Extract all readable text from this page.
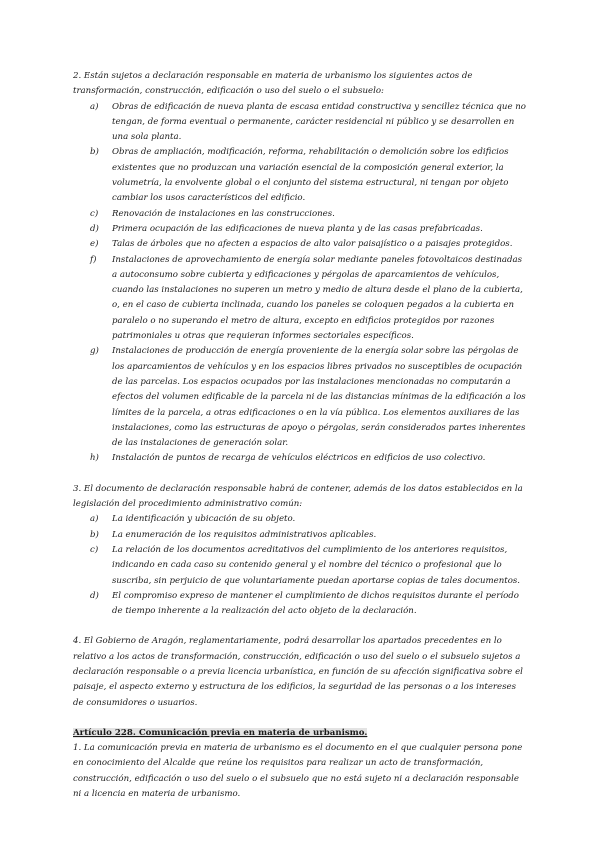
2. Están sujetos a declaración responsable en materia de urbanismo los siguientes actos de transformación, construcción, edificación o uso del suelo o el subsuelo:

a) Obras de edificación de nueva planta de escasa entidad constructiva y sencillez técnica que no tengan, de forma eventual o permanente, carácter residencial ni público y se desarrollen en una sola planta.
b) Obras de ampliación, modificación, reforma, rehabilitación o demolición sobre los edificios existentes que no produzcan una variación esencial de la composición general exterior, la volumetría, la envolvente global o el conjunto del sistema estructural, ni tengan por objeto cambiar los usos característicos del edificio.
c) Renovación de instalaciones en las construcciones.
d) Primera ocupación de las edificaciones de nueva planta y de las casas prefabricadas.
e) Talas de árboles que no afecten a espacios de alto valor paisajístico o a paisajes protegidos.
f) Instalaciones de aprovechamiento de energía solar mediante paneles fotovoltaicos destinadas a autoconsumo sobre cubierta y edificaciones y pérgolas de aparcamientos de vehículos, cuando las instalaciones no superen un metro y medio de altura desde el plano de la cubierta, o, en el caso de cubierta inclinada, cuando los paneles se coloquen pegados a la cubierta en paralelo o no superando el metro de altura, excepto en edificios protegidos por razones patrimoniales u otras que requieran informes sectoriales específicos.
g) Instalaciones de producción de energía proveniente de la energía solar sobre las pérgolas de los aparcamientos de vehículos y en los espacios libres privados no susceptibles de ocupación de las parcelas. Los espacios ocupados por las instalaciones mencionadas no computarán a efectos del volumen edificable de la parcela ni de las distancias mínimas de la edificación a los límites de la parcela, a otras edificaciones o en la vía pública. Los elementos auxiliares de las instalaciones, como las estructuras de apoyo o pérgolas, serán considerados partes inherentes de las instalaciones de generación solar.
h) Instalación de puntos de recarga de vehículos eléctricos en edificios de uso colectivo.

3. El documento de declaración responsable habrá de contener, además de los datos establecidos en la legislación del procedimiento administrativo común:

a) La identificación y ubicación de su objeto.
b) La enumeración de los requisitos administrativos aplicables.
c) La relación de los documentos acreditativos del cumplimiento de los anteriores requisitos, indicando en cada caso su contenido general y el nombre del técnico o profesional que lo suscriba, sin perjuicio de que voluntariamente puedan aportarse copias de tales documentos.
d) El compromiso expreso de mantener el cumplimiento de dichos requisitos durante el período de tiempo inherente a la realización del acto objeto de la declaración.

4. El Gobierno de Aragón, reglamentariamente, podrá desarrollar los apartados precedentes en lo relativo a los actos de transformación, construcción, edificación o uso del suelo o el subsuelo sujetos a declaración responsable o a previa licencia urbanística, en función de su afección significativa sobre el paisaje, el aspecto externo y estructura de los edificios, la seguridad de las personas o a los intereses de consumidores o usuarios.

Artículo 228. Comunicación previa en materia de urbanismo.

1. La comunicación previa en materia de urbanismo es el documento en el que cualquier persona pone en conocimiento del Alcalde que reúne los requisitos para realizar un acto de transformación, construcción, edificación o uso del suelo o el subsuelo que no está sujeto ni a declaración responsable ni a licencia en materia de urbanismo.
